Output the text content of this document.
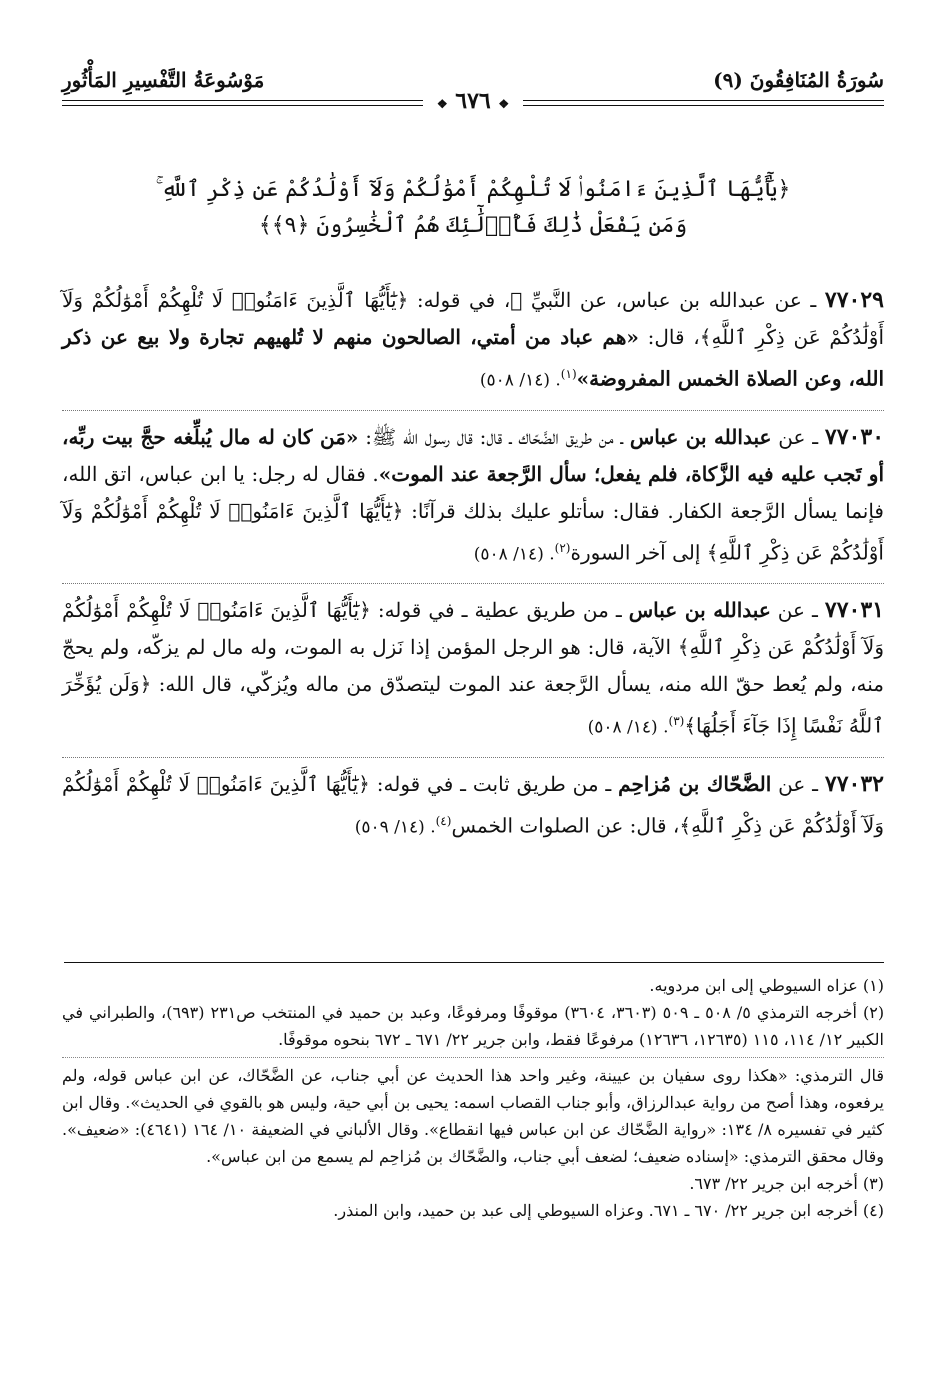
سُورَةُ المُنَافِقُونَ (٩)
مَوْسُوعَةُ التَّفْسِيرِ المَأْثُورِ
❖ ٦٧٦ ❖
﴿يَٰٓأَيُّهَا ٱلَّذِينَ ءَامَنُوا۟ لَا تُلْهِكُمْ أَمْوَٰلُكُمْ وَلَآ أَوْلَٰدُكُمْ عَن ذِكْرِ ٱللَّهِ ۚ
وَمَن يَفْعَلْ ذَٰلِكَ فَأُو۟لَٰٓئِكَ هُمُ ٱلْخَٰسِرُونَ ﴿٩﴾﴾

٧٧٠٢٩ ـ عن عبدالله بن عباس، عن النَّبيِّ ﷺ، في قوله: ﴿يَٰٓأَيُّهَا ٱلَّذِينَ ءَامَنُوا۟ لَا تُلْهِكُمْ أَمْوَٰلُكُمْ وَلَآ أَوْلَٰدُكُمْ عَن ذِكْرِ ٱللَّهِ﴾، قال: «هم عباد من أمتي، الصالحون منهم لا تُلهيهم تجارة ولا بيع عن ذكر الله، وعن الصلاة الخمس المفروضة»$^{(١)}$. (١٤/ ٥٠٨)

٧٧٠٣٠ ـ عن عبدالله بن عباس ـ من طريق الضَّحّاك ـ قال: قال رسول الله ﷺ: «مَن كان له مال يُبلِّغه حجَّ بيت ربِّه، أو تَجب عليه فيه الزَّكاة، فلم يفعل؛ سأل الرَّجعة عند الموت». فقال له رجل: يا ابن عباس، اتق الله، فإنما يسأل الرَّجعة الكفار. فقال: سأتلو عليك بذلك قرآنًا: ﴿يَٰٓأَيُّهَا ٱلَّذِينَ ءَامَنُوا۟ لَا تُلْهِكُمْ أَمْوَٰلُكُمْ وَلَآ أَوْلَٰدُكُمْ عَن ذِكْرِ ٱللَّهِ﴾ إلى آخر السورة$^{(٢)}$. (١٤/ ٥٠٨)

٧٧٠٣١ ـ عن عبدالله بن عباس ـ من طريق عطية ـ في قوله: ﴿يَٰٓأَيُّهَا ٱلَّذِينَ ءَامَنُوا۟ لَا تُلْهِكُمْ أَمْوَٰلُكُمْ وَلَآ أَوْلَٰدُكُمْ عَن ذِكْرِ ٱللَّهِ﴾ الآية، قال: هو الرجل المؤمن إذا نَزل به الموت، وله مال لم يزكّه، ولم يحجّ منه، ولم يُعط حقّ الله منه، يسأل الرَّجعة عند الموت ليتصدّق من ماله ويُزكّي، قال الله: ﴿وَلَن يُؤَخِّرَ ٱللَّهُ نَفْسًا إِذَا جَآءَ أَجَلُهَا﴾$^{(٣)}$. (١٤/ ٥٠٨)

٧٧٠٣٢ ـ عن الضَّحّاك بن مُزاحِم ـ من طريق ثابت ـ في قوله: ﴿يَٰٓأَيُّهَا ٱلَّذِينَ ءَامَنُوا۟ لَا تُلْهِكُمْ أَمْوَٰلُكُمْ وَلَآ أَوْلَٰدُكُمْ عَن ذِكْرِ ٱللَّهِ﴾، قال: عن الصلوات الخمس$^{(٤)}$. (١٤/ ٥٠٩)

(١) عزاه السيوطي إلى ابن مردويه.

(٢) أخرجه الترمذي ٥/ ٥٠٨ ـ ٥٠٩ (٣٦٠٣، ٣٦٠٤) موقوفًا ومرفوعًا، وعبد بن حميد في المنتخب ص٢٣١ (٦٩٣)، والطبراني في الكبير ١٢/ ١١٤، ١١٥ (١٢٦٣٥، ١٢٦٣٦) مرفوعًا فقط، وابن جرير ٢٢/ ٦٧١ ـ ٦٧٢ بنحوه موقوفًا.

قال الترمذي: «هكذا روى سفيان بن عيينة، وغير واحد هذا الحديث عن أبي جناب، عن الضَّحّاك، عن ابن عباس قوله، ولم يرفعوه، وهذا أصح من رواية عبدالرزاق، وأبو جناب القصاب اسمه: يحيى بن أبي حية، وليس هو بالقوي في الحديث». وقال ابن كثير في تفسيره ٨/ ١٣٤: «رواية الضَّحّاك عن ابن عباس فيها انقطاع». وقال الألباني في الضعيفة ١٠/ ١٦٤ (٤٦٤١): «ضعيف». وقال محقق الترمذي: «إسناده ضعيف؛ لضعف أبي جناب، والضَّحّاك بن مُزاحِم لم يسمع من ابن عباس».

(٣) أخرجه ابن جرير ٢٢/ ٦٧٣.

(٤) أخرجه ابن جرير ٢٢/ ٦٧٠ ـ ٦٧١. وعزاه السيوطي إلى عبد بن حميد، وابن المنذر.
